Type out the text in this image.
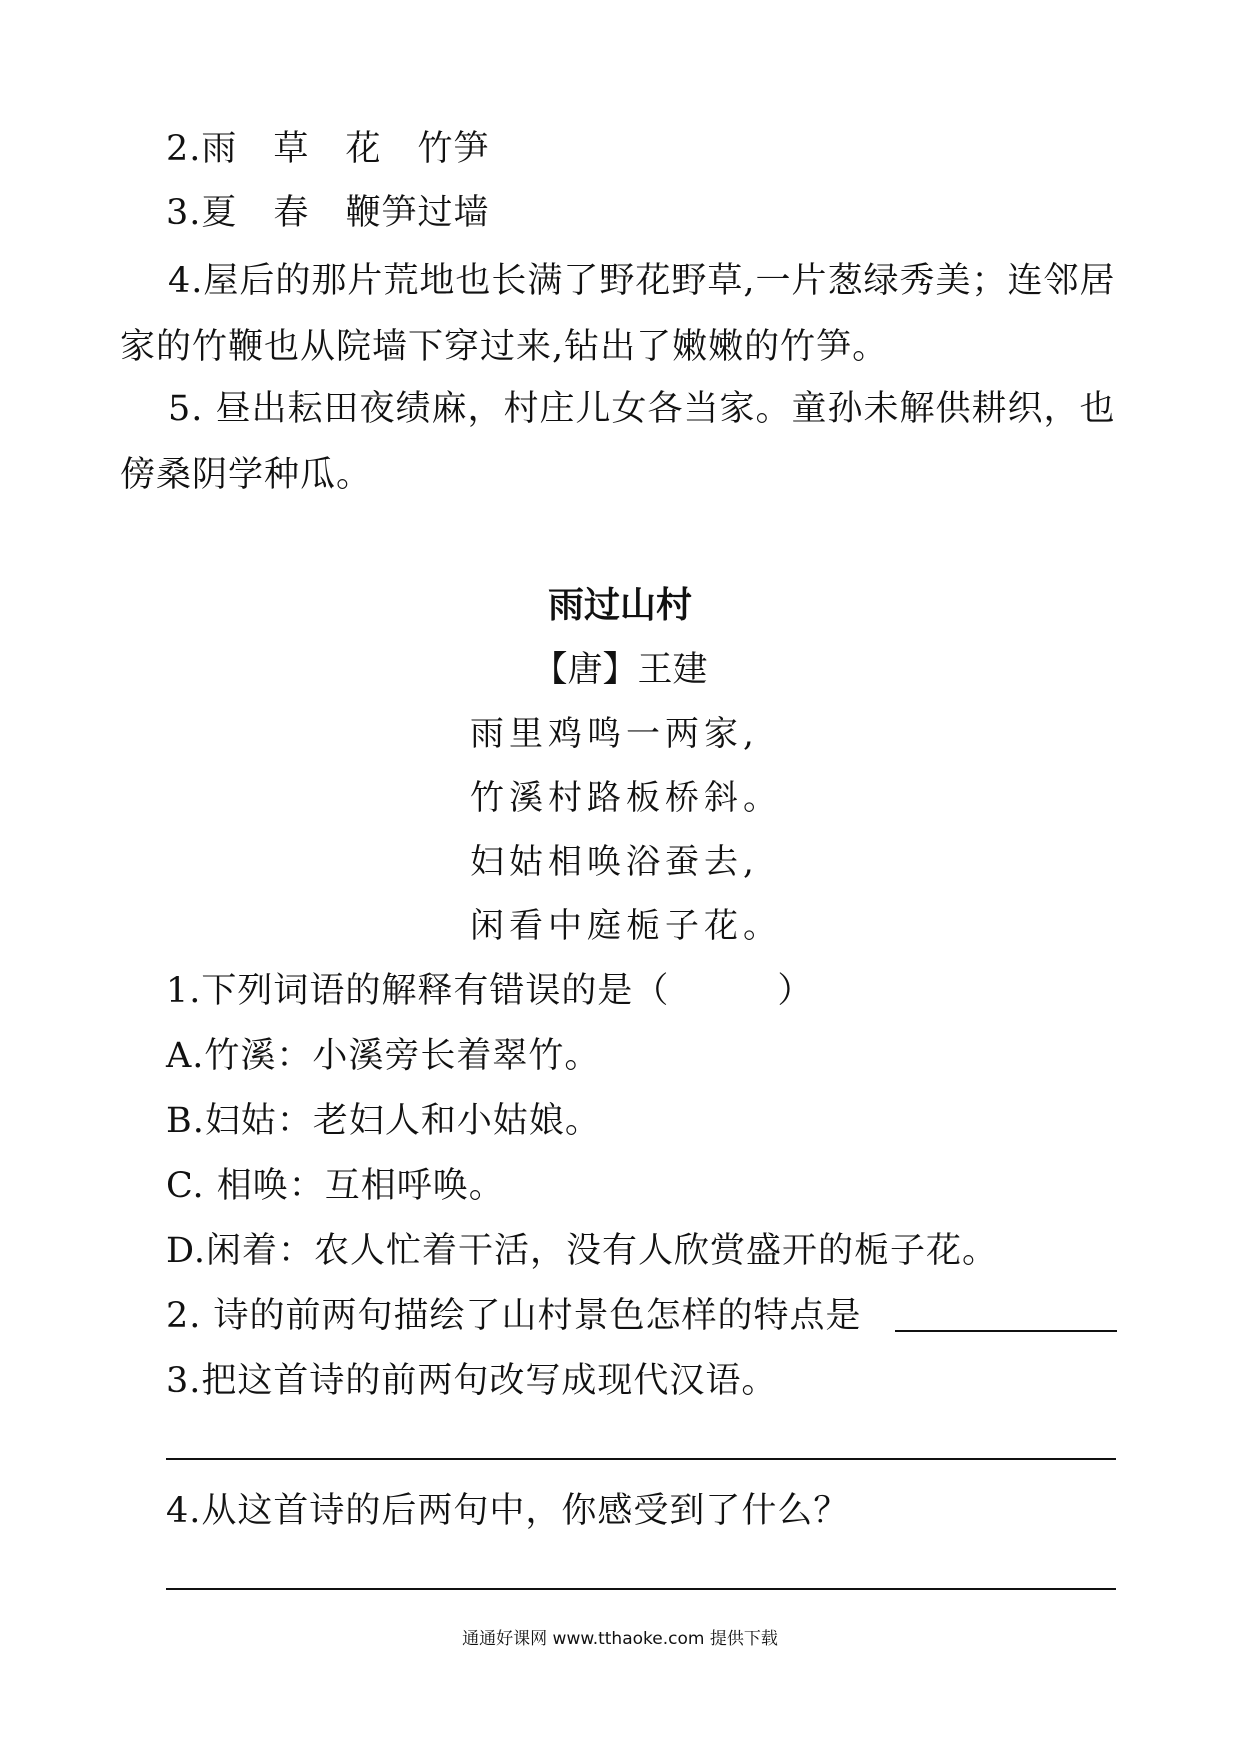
2.雨 草 花 竹笋
3.夏 春 鞭笋过墙
4.屋后的那片荒地也长满了野花野草,一片葱绿秀美；连邻居家的竹鞭也从院墙下穿过来,钻出了嫩嫩的竹笋。
5. 昼出耘田夜绩麻，村庄儿女各当家。童孙未解供耕织，也傍桑阴学种瓜。
雨过山村
【唐】王建
雨里鸡鸣一两家,
竹溪村路板桥斜。
妇姑相唤浴蚕去,
闲看中庭栀子花。
1.下列词语的解释有错误的是（　　　）
A.竹溪：小溪旁长着翠竹。
B.妇姑：老妇人和小姑娘。
C. 相唤：互相呼唤。
D.闲着：农人忙着干活，没有人欣赏盛开的栀子花。
2. 诗的前两句描绘了山村景色怎样的特点是
3.把这首诗的前两句改写成现代汉语。
4.从这首诗的后两句中，你感受到了什么？
通通好课网 www.tthaoke.com 提供下载
